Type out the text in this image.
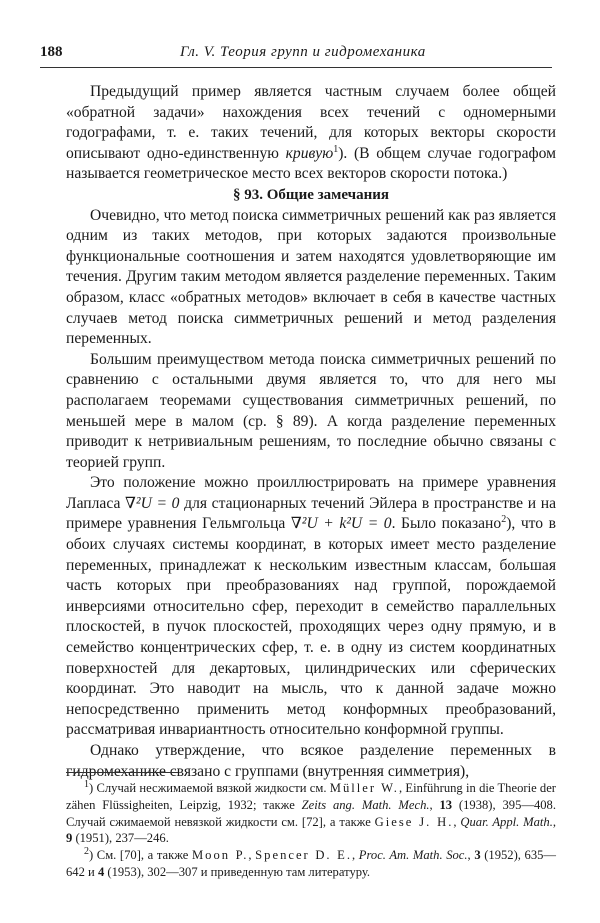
188	Гл. V. Теория групп и гидромеханика

Предыдущий пример является частным случаем более общей «обратной задачи» нахождения всех течений с одномерными годографами, т. е. таких течений, для которых векторы скорости описывают одно-единственную кривую$^1$). (В общем случае годографом называется геометрическое место всех векторов скорости потока.)

§ 93. Общие замечания

Очевидно, что метод поиска симметричных решений как раз является одним из таких методов, при которых задаются произвольные функциональные соотношения и затем находятся удовлетворяющие им течения. Другим таким методом является разделение переменных. Таким образом, класс «обратных методов» включает в себя в качестве частных случаев метод поиска симметричных решений и метод разделения переменных.

Большим преимуществом метода поиска симметричных решений по сравнению с остальными двумя является то, что для него мы располагаем теоремами существования симметричных решений, по меньшей мере в малом (ср. § 89). А когда разделение переменных приводит к нетривиальным решениям, то последние обычно связаны с теорией групп.

Это положение можно проиллюстрировать на примере уравнения Лапласа ∇²U = 0 для стационарных течений Эйлера в пространстве и на примере уравнения Гельмгольца ∇²U + k²U = 0. Было показано$^2$), что в обоих случаях системы координат, в которых имеет место разделение переменных, принадлежат к нескольким известным классам, большая часть которых при преобразованиях над группой, порождаемой инверсиями относительно сфер, переходит в семейство параллельных плоскостей, в пучок плоскостей, проходящих через одну прямую, и в семейство концентрических сфер, т. е. в одну из систем координатных поверхностей для декартовых, цилиндрических или сферических координат. Это наводит на мысль, что к данной задаче можно непосредственно применить метод конформных преобразований, рассматривая инвариантность относительно конформной группы.

Однако утверждение, что всякое разделение переменных в гидромеханике связано с группами (внутренняя симметрия),

$^1$) Случай несжимаемой вязкой жидкости см. Müller W., Einführung in die Theorie der zähen Flüssigheiten, Leipzig, 1932; также Zeits ang. Math. Mech., 13 (1938), 395—408. Случай сжимаемой невязкой жидкости см. [72], а также Giese J. H., Quar. Appl. Math., 9 (1951), 237—246.

$^2$) См. [70], а также Moon P., Spencer D. E., Proc. Am. Math. Soc., 3 (1952), 635—642 и 4 (1953), 302—307 и приведенную там литературу.
